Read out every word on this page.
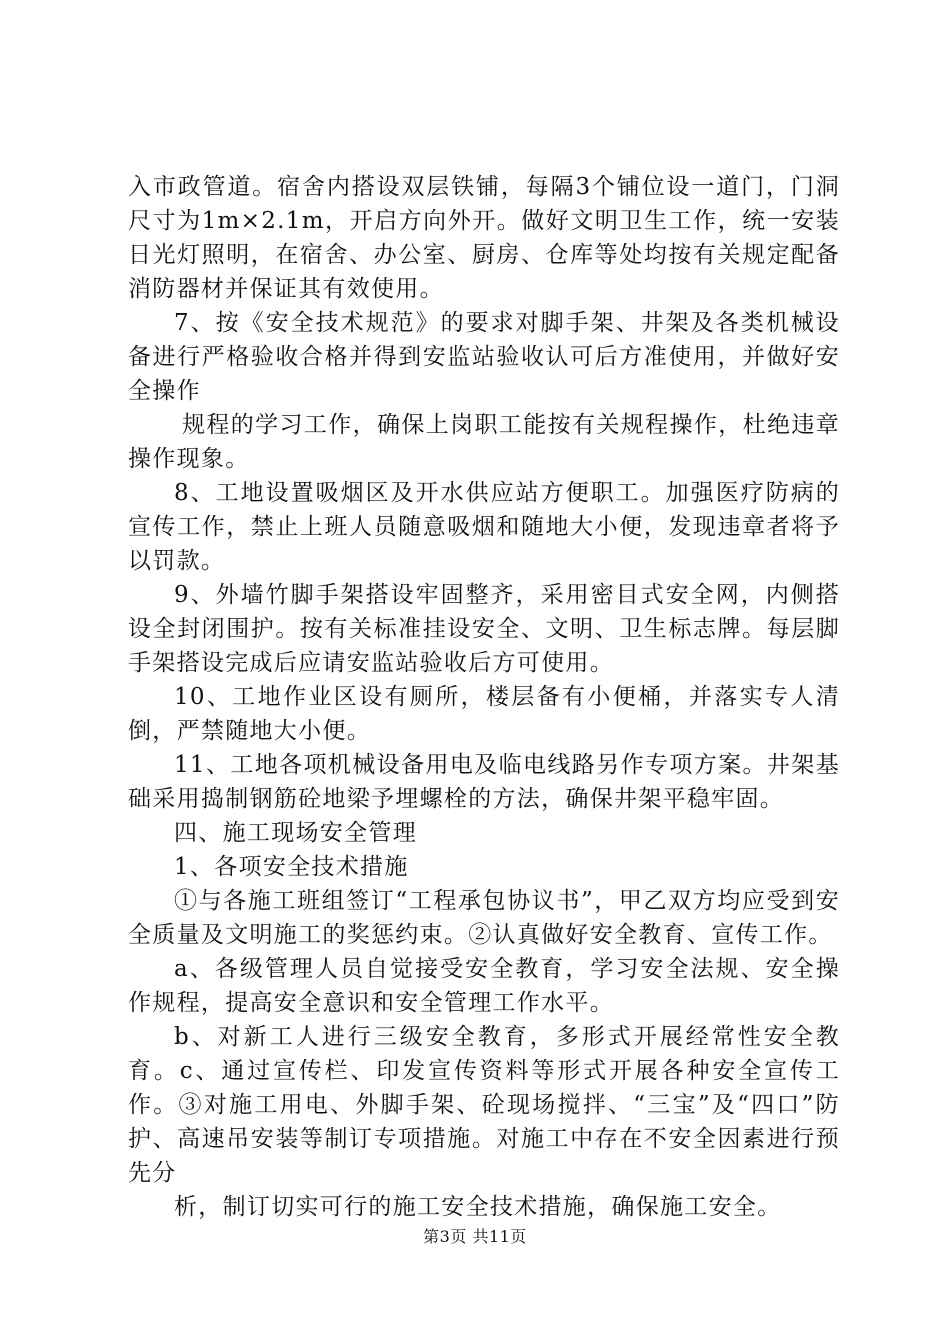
入市政管道。宿舍内搭设双层铁铺，每隔3个铺位设一道门，门洞尺寸为1m×2.1m，开启方向外开。做好文明卫生工作，统一安装日光灯照明，在宿舍、办公室、厨房、仓库等处均按有关规定配备消防器材并保证其有效使用。

7、按《安全技术规范》的要求对脚手架、井架及各类机械设备进行严格验收合格并得到安监站验收认可后方准使用，并做好安全操作

规程的学习工作，确保上岗职工能按有关规程操作，杜绝违章操作现象。

8、工地设置吸烟区及开水供应站方便职工。加强医疗防病的宣传工作，禁止上班人员随意吸烟和随地大小便，发现违章者将予以罚款。

9、外墙竹脚手架搭设牢固整齐，采用密目式安全网，内侧搭设全封闭围护。按有关标准挂设安全、文明、卫生标志牌。每层脚手架搭设完成后应请安监站验收后方可使用。

10、工地作业区设有厕所，楼层备有小便桶，并落实专人清倒，严禁随地大小便。

11、工地各项机械设备用电及临电线路另作专项方案。井架基础采用捣制钢筋砼地梁予埋螺栓的方法，确保井架平稳牢固。

四、施工现场安全管理

1、各项安全技术措施

①与各施工班组签订“工程承包协议书”，甲乙双方均应受到安全质量及文明施工的奖惩约束。②认真做好安全教育、宣传工作。

a、各级管理人员自觉接受安全教育，学习安全法规、安全操作规程，提高安全意识和安全管理工作水平。

b、对新工人进行三级安全教育，多形式开展经常性安全教育。c、通过宣传栏、印发宣传资料等形式开展各种安全宣传工作。③对施工用电、外脚手架、砼现场搅拌、“三宝”及“四口”防护、高速吊安装等制订专项措施。对施工中存在不安全因素进行预先分

析，制订切实可行的施工安全技术措施，确保施工安全。

第3页 共11页
